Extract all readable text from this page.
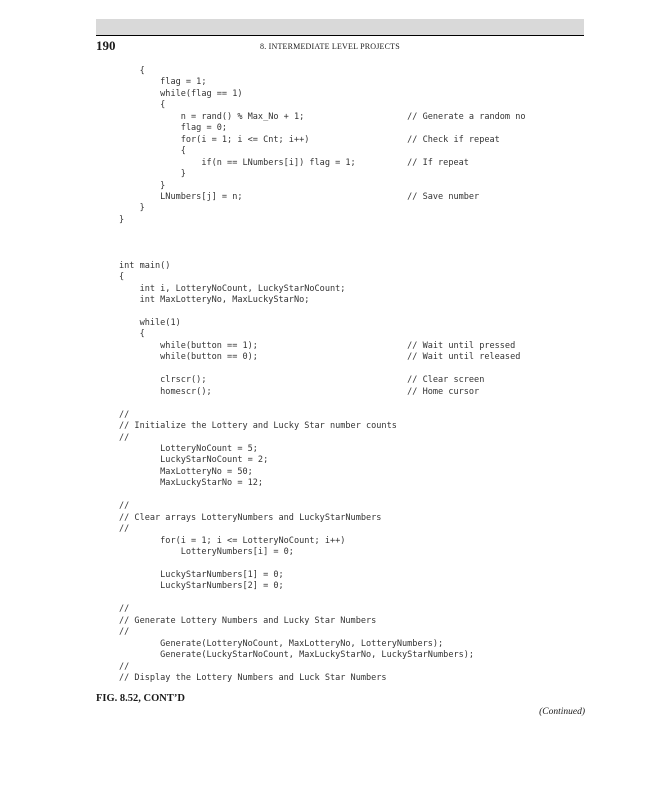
190	8. INTERMEDIATE LEVEL PROJECTS
{
flag = 1;
while(flag == 1)
{
n = rand() % Max_No + 1;                    // Generate a random no
flag = 0;
for(i = 1; i <= Cnt; i++)                   // Check if repeat
{
if(n == LNumbers[i]) flag = 1;          // If repeat
}
}
LNumbers[j] = n;                                // Save number
}
}

int main()
{
int i, LotteryNoCount, LuckyStarNoCount;
int MaxLotteryNo, MaxLuckyStarNo;

while(1)
{
while(button == 1);                             // Wait until pressed
while(button == 0);                             // Wait until released

clrscr();                                       // Clear screen
homescr();                                      // Home cursor

//
// Initialize the Lottery and Lucky Star number counts
//
LotteryNoCount = 5;
LuckyStarNoCount = 2;
MaxLotteryNo = 50;
MaxLuckyStarNo = 12;

//
// Clear arrays LotteryNumbers and LuckyStarNumbers
//
for(i = 1; i <= LotteryNoCount; i++)
LotteryNumbers[i] = 0;

LuckyStarNumbers[1] = 0;
LuckyStarNumbers[2] = 0;

//
// Generate Lottery Numbers and Lucky Star Numbers
//
Generate(LotteryNoCount, MaxLotteryNo, LotteryNumbers);
Generate(LuckyStarNoCount, MaxLuckyStarNo, LuckyStarNumbers);
//
// Display the Lottery Numbers and Luck Star Numbers

FIG. 8.52, CONT’D
(Continued)
